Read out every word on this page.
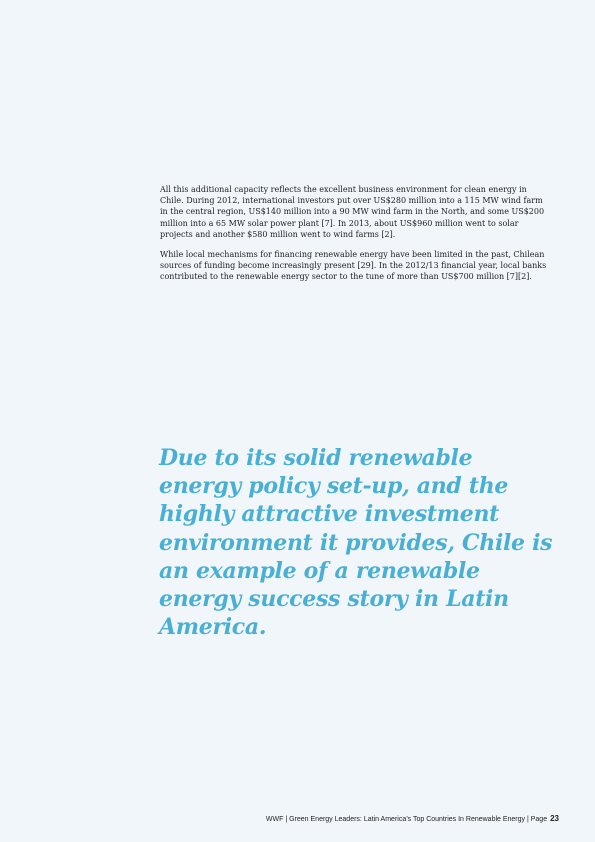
All this additional capacity reflects the excellent business environment for clean energy in Chile. During 2012, international investors put over US$280 million into a 115 MW wind farm in the central region, US$140 million into a 90 MW wind farm in the North, and some US$200 million into a 65 MW solar power plant [7]. In 2013, about US$960 million went to solar projects and another $580 million went to wind farms [2].

While local mechanisms for financing renewable energy have been limited in the past, Chilean sources of funding become increasingly present [29]. In the 2012/13 financial year, local banks contributed to the renewable energy sector to the tune of more than US$700 million [7][2].

Due to its solid renewable energy policy set-up, and the highly attractive investment environment it provides, Chile is an example of a renewable energy success story in Latin America.

WWF | Green Energy Leaders: Latin America’s Top Countries In Renewable Energy | Page 23
